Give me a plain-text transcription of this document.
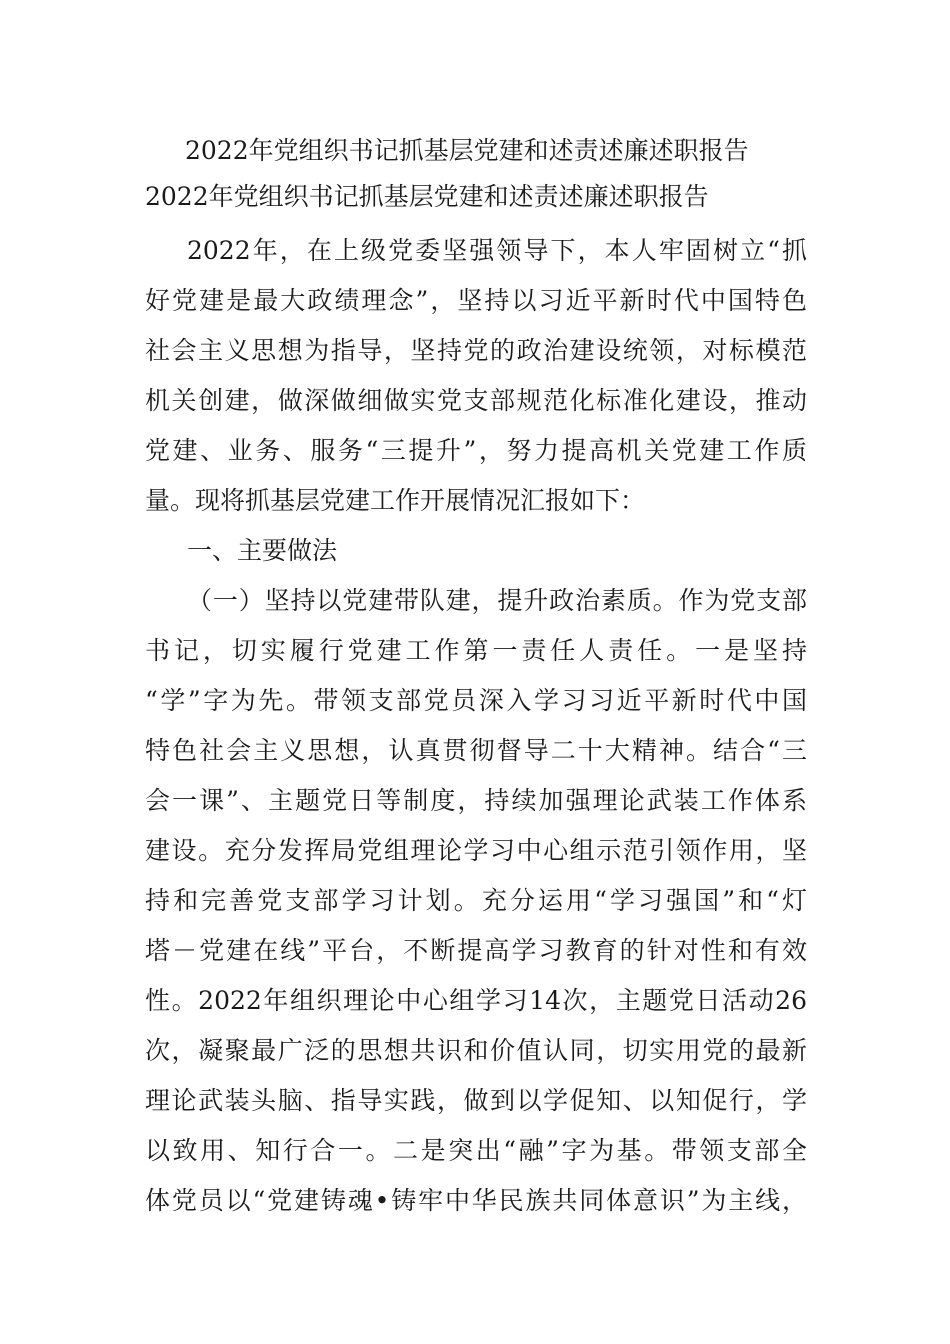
2022年党组织书记抓基层党建和述责述廉述职报告
2022年党组织书记抓基层党建和述责述廉述职报告

2022年，在上级党委坚强领导下，本人牢固树立“抓

好党建是最大政绩理念”，坚持以习近平新时代中国特色

社会主义思想为指导，坚持党的政治建设统领，对标模范

机关创建，做深做细做实党支部规范化标准化建设，推动

党建、业务、服务“三提升”，努力提高机关党建工作质

量。现将抓基层党建工作开展情况汇报如下：

一、主要做法

（一）坚持以党建带队建，提升政治素质。作为党支部

书记，切实履行党建工作第一责任人责任。一是坚持

“学”字为先。带领支部党员深入学习习近平新时代中国

特色社会主义思想，认真贯彻督导二十大精神。结合“三

会一课”、主题党日等制度，持续加强理论武装工作体系

建设。充分发挥局党组理论学习中心组示范引领作用，坚

持和完善党支部学习计划。充分运用“学习强国”和“灯

塔－党建在线”平台，不断提高学习教育的针对性和有效

性。2022年组织理论中心组学习14次，主题党日活动26

次，凝聚最广泛的思想共识和价值认同，切实用党的最新

理论武装头脑、指导实践，做到以学促知、以知促行，学

以致用、知行合一。二是突出“融”字为基。带领支部全

体党员以“党建铸魂•铸牢中华民族共同体意识”为主线，
